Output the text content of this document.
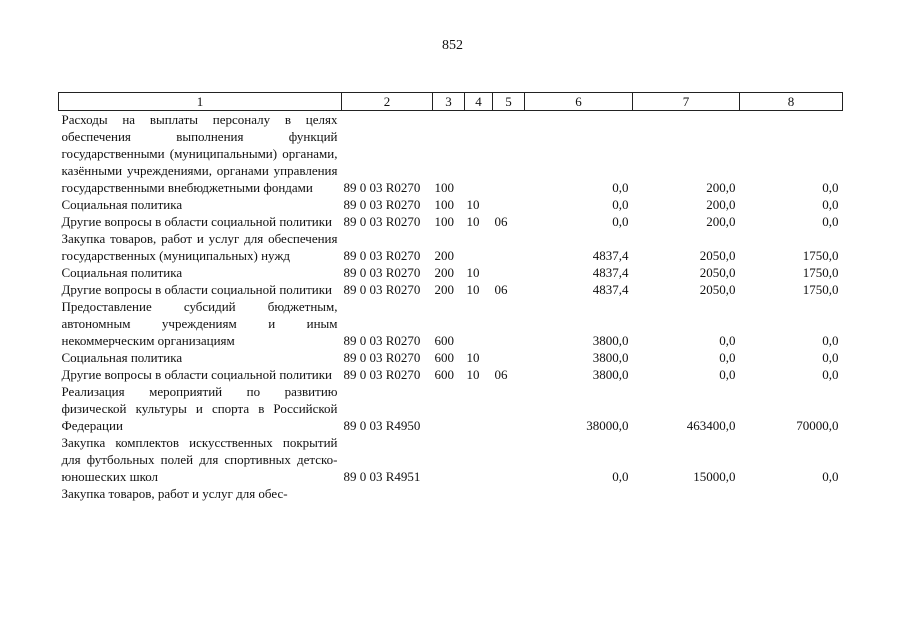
852
1	2	3	4	5	6	7	8
Расходы на выплаты персоналу в целях обеспечения выполнения функций государственными (муниципальными) органами, казёнными учреждениями, органами управления государственными внебюджетными фондами	89 0 03 R0270	100			0,0	200,0	0,0
Социальная политика	89 0 03 R0270	100	10		0,0	200,0	0,0
Другие вопросы в области социальной политики	89 0 03 R0270	100	10	06	0,0	200,0	0,0
Закупка товаров, работ и услуг для обеспечения государственных (муниципальных) нужд	89 0 03 R0270	200			4837,4	2050,0	1750,0
Социальная политика	89 0 03 R0270	200	10		4837,4	2050,0	1750,0
Другие вопросы в области социальной политики	89 0 03 R0270	200	10	06	4837,4	2050,0	1750,0
Предоставление субсидий бюджетным, автономным учреждениям и иным некоммерческим организациям	89 0 03 R0270	600			3800,0	0,0	0,0
Социальная политика	89 0 03 R0270	600	10		3800,0	0,0	0,0
Другие вопросы в области социальной политики	89 0 03 R0270	600	10	06	3800,0	0,0	0,0
Реализация мероприятий по развитию физической культуры и спорта в Российской Федерации	89 0 03 R4950				38000,0	463400,0	70000,0
Закупка комплектов искусственных покрытий для футбольных полей для спортивных детско-юношеских школ	89 0 03 R4951				0,0	15000,0	0,0
Закупка товаров, работ и услуг для обес-							
